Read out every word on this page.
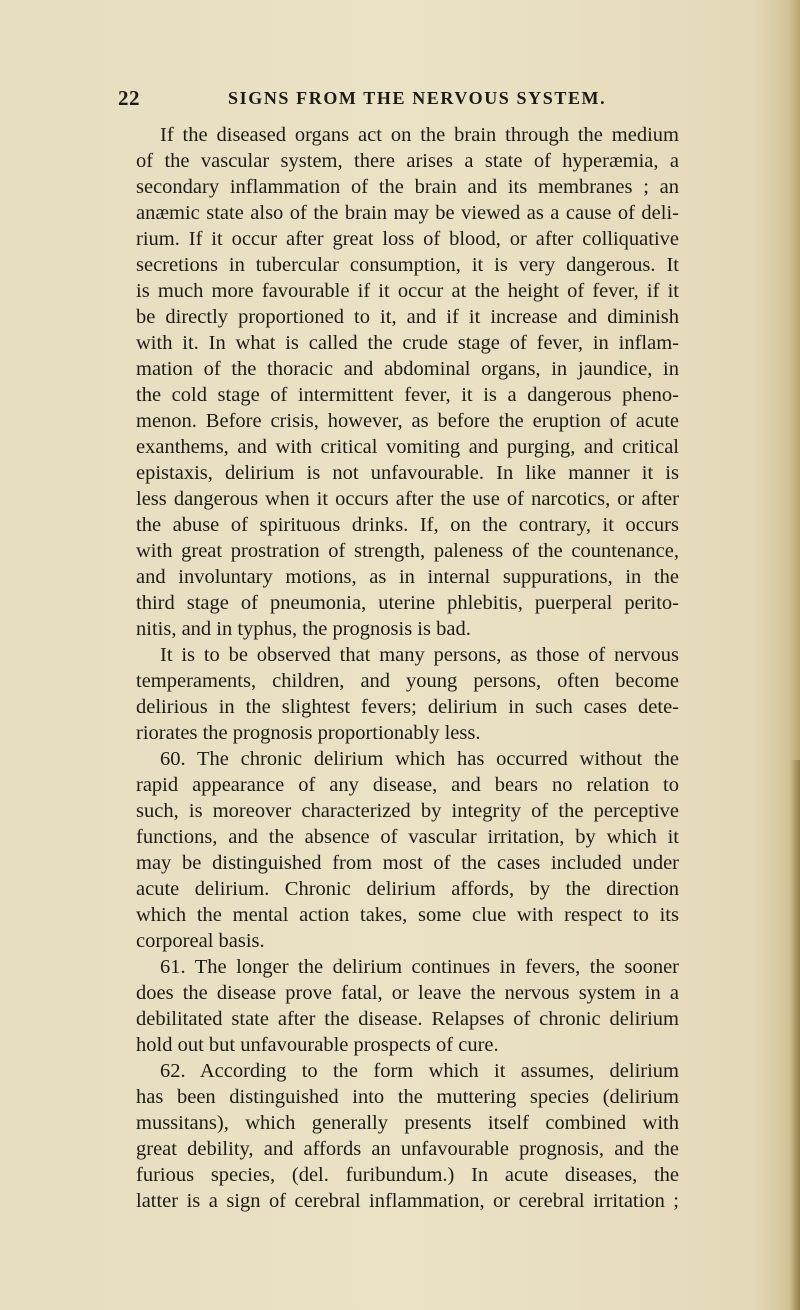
22	SIGNS FROM THE NERVOUS SYSTEM.
If the diseased organs act on the brain through the medium
of the vascular system, there arises a state of hyperæmia, a
secondary inflammation of the brain and its membranes ; an
anæmic state also of the brain may be viewed as a cause of deli-
rium. If it occur after great loss of blood, or after colliquative
secretions in tubercular consumption, it is very dangerous. It
is much more favourable if it occur at the height of fever, if it
be directly proportioned to it, and if it increase and diminish
with it. In what is called the crude stage of fever, in inflam-
mation of the thoracic and abdominal organs, in jaundice, in
the cold stage of intermittent fever, it is a dangerous pheno-
menon. Before crisis, however, as before the eruption of acute
exanthems, and with critical vomiting and purging, and critical
epistaxis, delirium is not unfavourable. In like manner it is
less dangerous when it occurs after the use of narcotics, or after
the abuse of spirituous drinks. If, on the contrary, it occurs
with great prostration of strength, paleness of the countenance,
and involuntary motions, as in internal suppurations, in the
third stage of pneumonia, uterine phlebitis, puerperal perito-
nitis, and in typhus, the prognosis is bad.
It is to be observed that many persons, as those of nervous
temperaments, children, and young persons, often become
delirious in the slightest fevers; delirium in such cases dete-
riorates the prognosis proportionably less.
60. The chronic delirium which has occurred without the
rapid appearance of any disease, and bears no relation to
such, is moreover characterized by integrity of the perceptive
functions, and the absence of vascular irritation, by which it
may be distinguished from most of the cases included under
acute delirium. Chronic delirium affords, by the direction
which the mental action takes, some clue with respect to its
corporeal basis.
61. The longer the delirium continues in fevers, the sooner
does the disease prove fatal, or leave the nervous system in a
debilitated state after the disease. Relapses of chronic delirium
hold out but unfavourable prospects of cure.
62. According to the form which it assumes, delirium
has been distinguished into the muttering species (delirium
mussitans), which generally presents itself combined with
great debility, and affords an unfavourable prognosis, and the
furious species, (del. furibundum.) In acute diseases, the
latter is a sign of cerebral inflammation, or cerebral irritation ;
